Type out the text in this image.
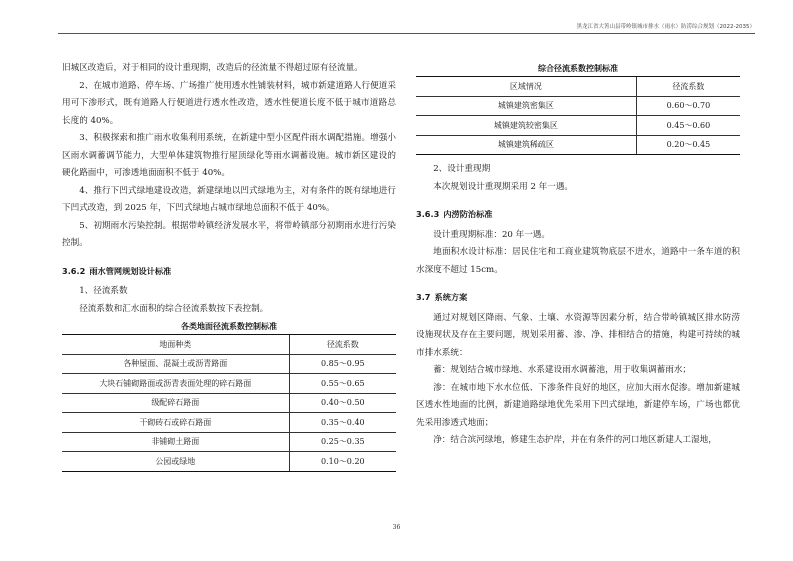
黑龙江省大箐山县带岭镇城市排水（雨水）防涝综合规划（2022-2035）

旧城区改造后，对于相同的设计重现期，改造后的径流量不得超过原有径流量。

2、在城市道路、停车场、广场推广使用透水性铺装材料，城市新建道路人行便道采用可下渗形式，既有道路人行便道进行透水性改造，透水性便道长度不低于城市道路总长度的 40%。

3、积极探索和推广雨水收集利用系统，在新建中型小区配件雨水调配措施。增强小区雨水调蓄调节能力，大型单体建筑物推行屋顶绿化等雨水调蓄设施。城市新区建设的硬化路面中，可渗透地面面积不低于 40%。

4、推行下凹式绿地建设改造，新建绿地以凹式绿地为主，对有条件的既有绿地进行下凹式改造，到 2025 年，下凹式绿地占城市绿地总面积不低于 40%。

5、初期雨水污染控制。根据带岭镇经济发展水平，将带岭镇部分初期雨水进行污染控制。

3.6.2 雨水管网规划设计标准

1、径流系数

径流系数和汇水面积的综合径流系数按下表控制。

各类地面径流系数控制标准
地面种类	径流系数
各种屋面、混凝土或沥青路面	0.85～0.95
大块石铺砌路面或沥青表面处理的碎石路面	0.55～0.65
级配碎石路面	0.40～0.50
干砌砖石或碎石路面	0.35～0.40
非铺砌土路面	0.25～0.35
公园或绿地	0.10～0.20
综合径流系数控制标准
区域情况	径流系数
城镇建筑密集区	0.60～0.70
城镇建筑较密集区	0.45～0.60
城镇建筑稀疏区	0.20～0.45

2、设计重现期

本次规划设计重现期采用 2 年一遇。

3.6.3 内涝防治标准

设计重现期标准：20 年一遇。

地面积水设计标准：居民住宅和工商业建筑物底层不进水，道路中一条车道的积水深度不超过 15cm。

3.7 系统方案

通过对规划区降雨、气象、土壤、水资源等因素分析，结合带岭镇城区排水防涝设施现状及存在主要问题，规划采用蓄、渗、净、排相结合的措施，构建可持续的城市排水系统：

蓄：规划结合城市绿地、水系建设雨水调蓄池，用于收集调蓄雨水；

渗：在城市地下水水位低、下渗条件良好的地区，应加大雨水促渗。增加新建城区透水性地面的比例，新建道路绿地优先采用下凹式绿地，新建停车场，广场也都优先采用渗透式地面；

净：结合滨河绿地，修建生态护岸，并在有条件的河口地区新建人工湿地，

36
